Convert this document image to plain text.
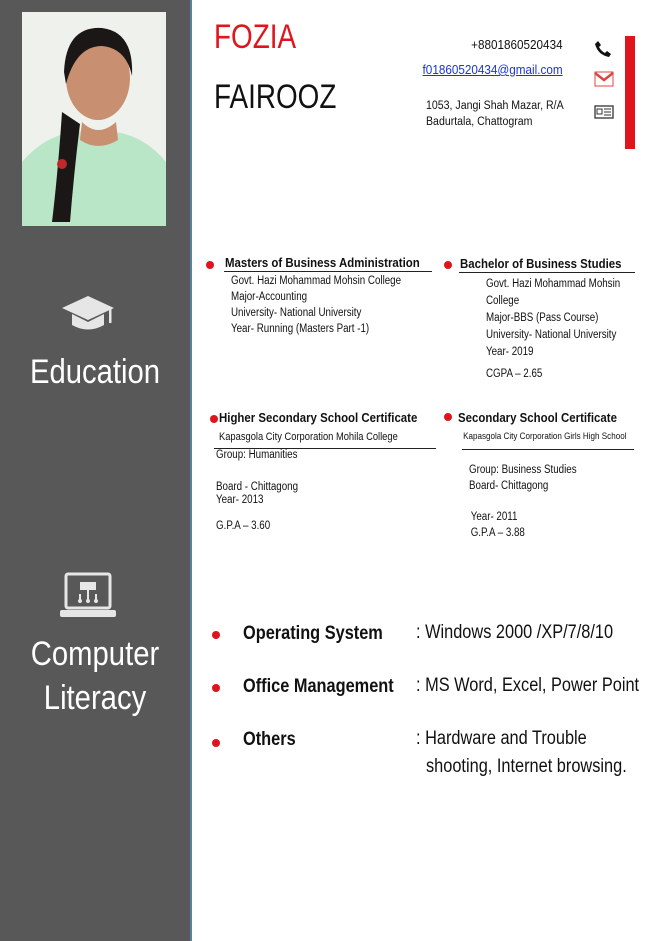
Education
Computer
Literacy
FOZIA
FAIROOZ
+8801860520434
f01860520434@gmail.com
1053, Jangi Shah Mazar, R/A
Badurtala, Chattogram
Masters of Business Administration
Govt. Hazi Mohammad Mohsin College
Major-Accounting
University- National University
Year- Running (Masters Part -1)
Bachelor of Business Studies
Govt. Hazi Mohammad Mohsin
College
Major-BBS (Pass Course)
University- National University
Year- 2019
CGPA – 2.65
Higher Secondary School Certificate
Kapasgola City Corporation Mohila College
Group: Humanities
Board - Chittagong
Year- 2013
G.P.A – 3.60
Secondary School Certificate
Kapasgola City Corporation Girls High School
Group: Business Studies
Board- Chittagong
Year- 2011
G.P.A – 3.88
Operating System : Windows 2000 /XP/7/8/10
Office Management : MS Word, Excel, Power Point
Others	: Hardware and Trouble
shooting, Internet browsing.
